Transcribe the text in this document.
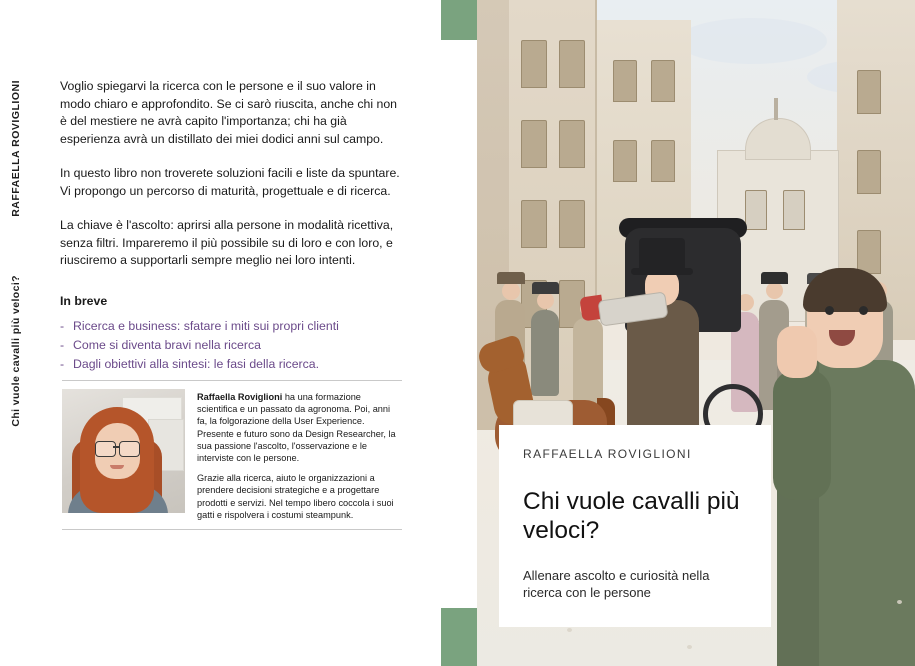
Voglio spiegarvi la ricerca con le persone e il suo valore in modo chiaro e approfondito. Se ci sarò riuscita, anche chi non è del mestiere ne avrà capito l'importanza; chi ha già esperienza avrà un distillato dei miei dodici anni sul campo.

In questo libro non troverete soluzioni facili e liste da spuntare. Vi propongo un percorso di maturità, progettuale e di ricerca.

La chiave è l'ascolto: aprirsi alla persone in modalità ricettiva, senza filtri. Impareremo il più possibile su di loro e con loro, e riusciremo a supportarli sempre meglio nei loro intenti.

In breve
- Ricerca e business: sfatare i miti sui propri clienti
- Come si diventa bravi nella ricerca
- Dagli obiettivi alla sintesi: le fasi della ricerca.

Raffaella Roviglioni ha una formazione scientifica e un passato da agronoma. Poi, anni fa, la folgorazione della User Experience. Presente e futuro sono da Design Researcher, la sua passione l'ascolto, l'osservazione e le interviste con le persone.

Grazie alla ricerca, aiuto le organizzazioni a prendere decisioni strategiche e a progettare prodotti e servizi. Nel tempo libero coccola i suoi gatti e rispolvera i costumi steampunk.

RAFFAELLA ROVIGLIONI
Chi vuole cavalli più veloci?
RAFFAELLA ROVIGLIONI
Chi vuole cavalli più veloci?
Allenare ascolto e curiosità nella ricerca con le persone
